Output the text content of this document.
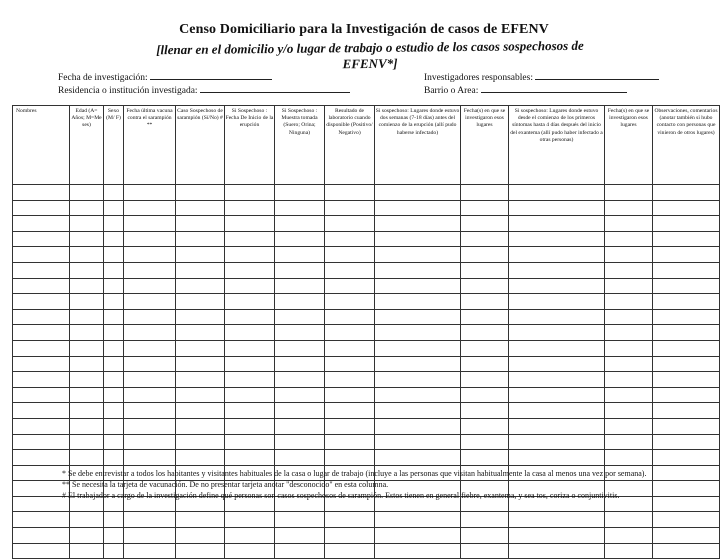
Censo Domiciliario para la Investigación de casos de EFENV
[llenar en el domicilio y/o lugar de trabajo o estudio de los casos sospechosos de EFENV*]
Fecha de investigación:
Residencia o institución investigada:
Investigadores responsables:
Barrio o Area:
Nombres	Edad (A= Años; M=Me ses)	Sexo (M/ F)	Fecha última vacuna contra el sarampión **	Caso Sospechoso de sarampión (Sí/No) #	Si Sospechoso : Fecha De Inicio de la erupción	Si Sospechoso : Muestra tomada (Suero; Orina; Ninguna)	Resultado de laboratorio cuando disponible (Positivo/ Negativo)	Si sospechoso: Lugares donde estuvo dos semanas (7-18 días) antes del comienzo de la erupción (allí pudo haberse infectado)	Fecha(s) en que se investigaron esos lugares	Si sospechoso: Lugares donde estuvo desde el comienzo de los primeros síntomas hasta 4 días después del inicio del exantema (allí pudo haber infectado a otras personas)	Fecha(s) en que se investigaron esos lugares	Observaciones, comentarios (anotar también si hubo contacto con personas que vinieron de otros lugares)

* Se debe entrevistar a todos los habitantes y visitantes habituales de la casa o lugar de trabajo (incluye a las personas que visitan habitualmente la casa al menos una vez por semana).

** Se necesita la tarjeta de vacunación. De no presentar tarjeta anotar "desconocido" en esta columna.

# El trabajador a cargo de la investigación define qué personas son casos sospechosos de sarampión. Estos tienen en general fiebre, exantema, y sea tos, coriza o conjuntivitis.
